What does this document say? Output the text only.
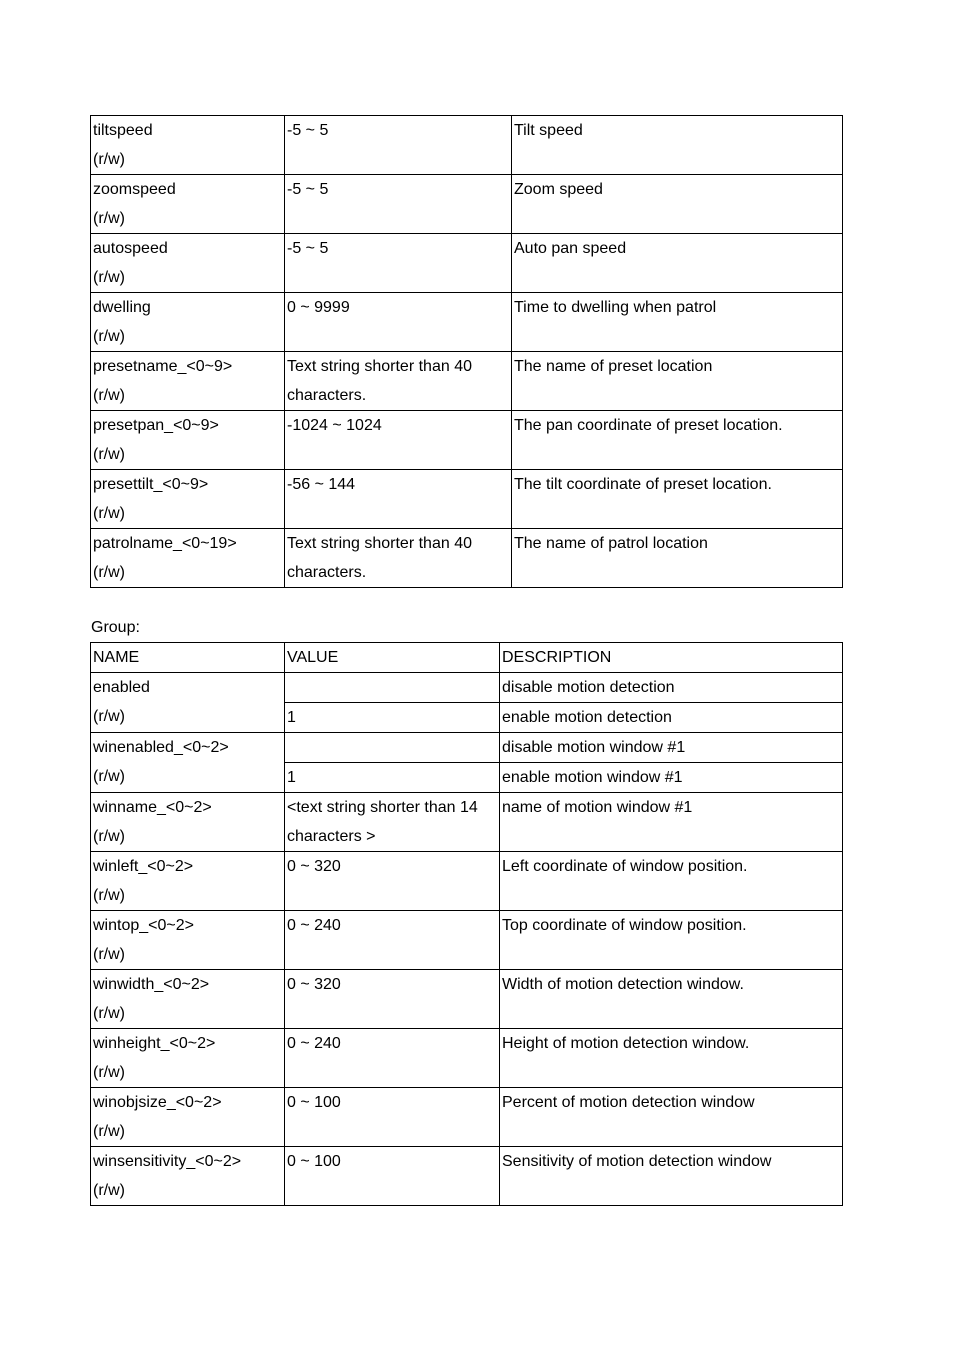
tiltspeed
(r/w)	-5 ~ 5	Tilt speed

zoomspeed
(r/w)	-5 ~ 5	Zoom speed

autospeed
(r/w)	-5 ~ 5	Auto pan speed

dwelling
(r/w)	0 ~ 9999	Time to dwelling when patrol

presetname_<0~9>
(r/w)	Text string shorter than 40
characters.	The name of preset location

presetpan_<0~9>
(r/w)	-1024 ~ 1024	The pan coordinate of preset location.

presettilt_<0~9>
(r/w)	-56 ~ 144	The tilt coordinate of preset location.

patrolname_<0~19>
(r/w)	Text string shorter than 40
characters.	The name of patrol location
Group:
NAME	VALUE	DESCRIPTION

enabled
(r/w)		disable motion detection
	1	enable motion detection

winenabled_<0~2>
(r/w)		disable motion window #1
	1	enable motion window #1

winname_<0~2>
(r/w)	<text string shorter than 14
characters >	name of motion window #1

winleft_<0~2>
(r/w)	0 ~ 320	Left coordinate of window position.

wintop_<0~2>
(r/w)	0 ~ 240	Top coordinate of window position.

winwidth_<0~2>
(r/w)	0 ~ 320	Width of motion detection window.

winheight_<0~2>
(r/w)	0 ~ 240	Height of motion detection window.

winobjsize_<0~2>
(r/w)	0 ~ 100	Percent of motion detection window

winsensitivity_<0~2>
(r/w)	0 ~ 100	Sensitivity of motion detection window
